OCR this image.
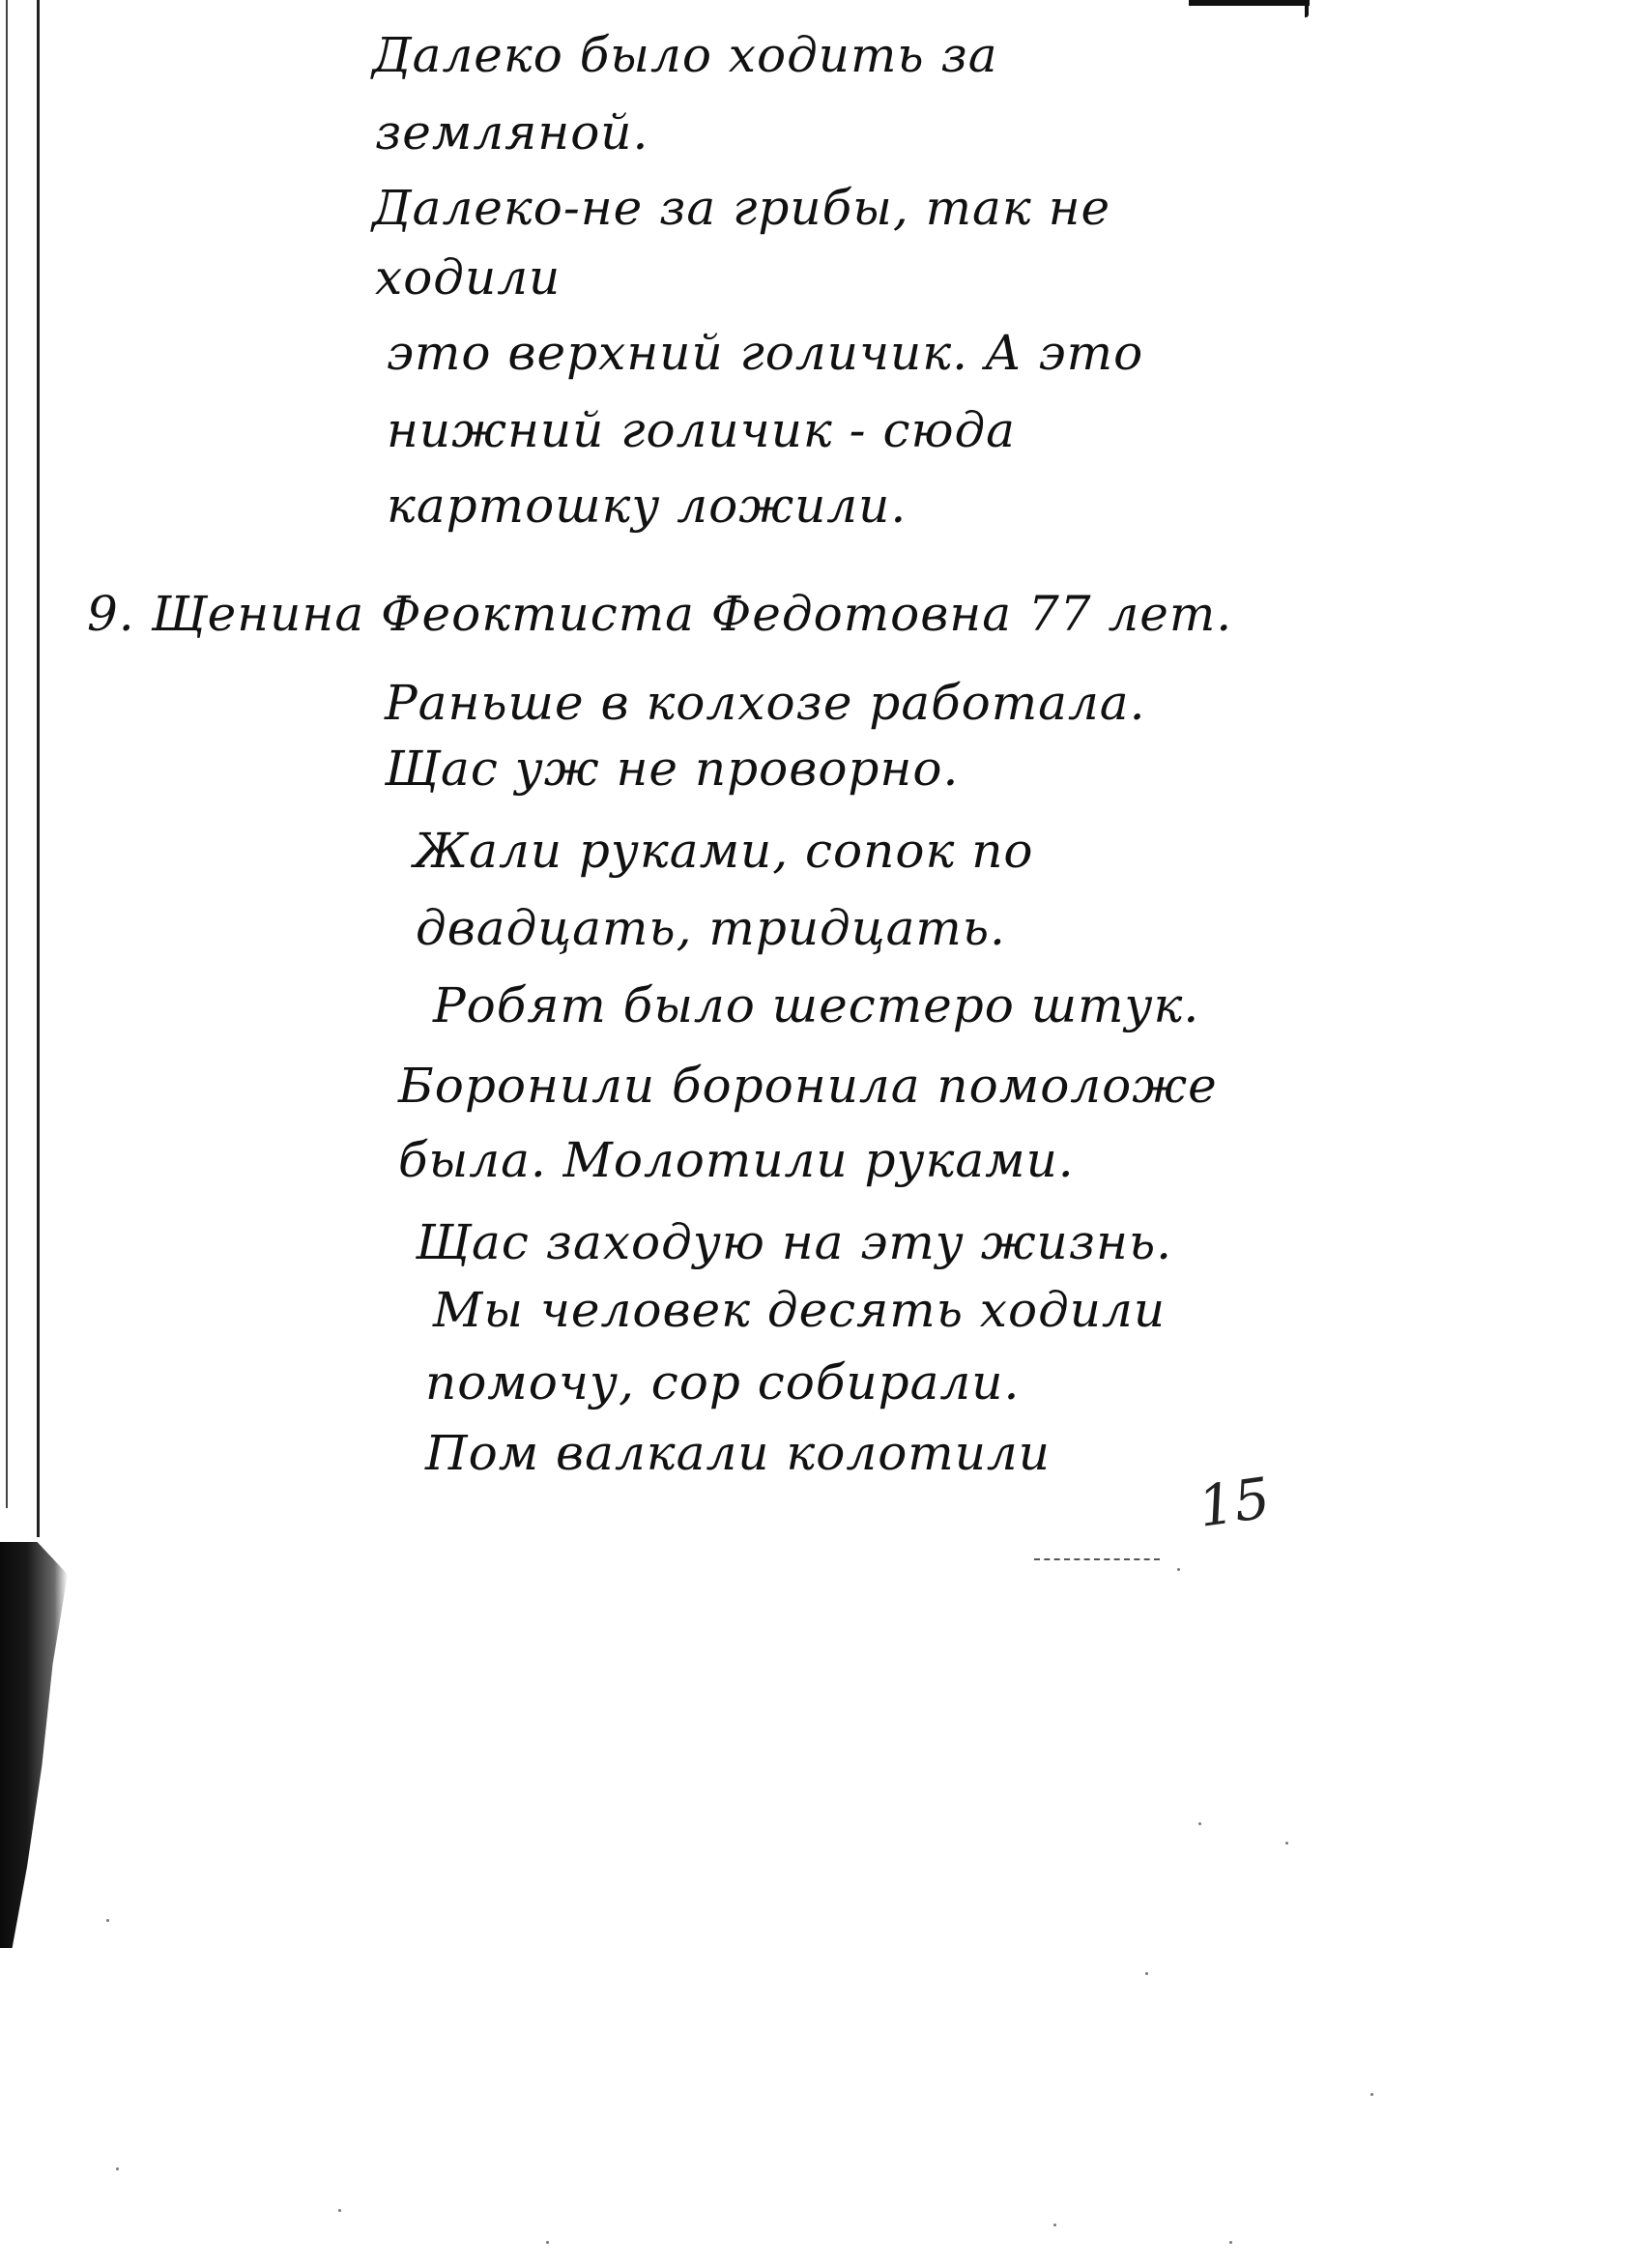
Далеко было ходить за
земляной.
Далеко-не за грибы, так не
ходили
это верхний голичик. А это
нижний голичик - сюда
картошку ложили.
9. Щенина Феоктиста Федотовна 77 лет.
Раньше в колхозе работала.
Щас уж не проворно.
Жали руками, сопок по
двадцать, тридцать.
Робят было шестеро штук.
Боронили боронила помоложе
была. Молотили руками.
Щас заходую на эту жизнь.
Мы человек десять ходили
помочу, сор собирали.
Пом валкали колотили
15
